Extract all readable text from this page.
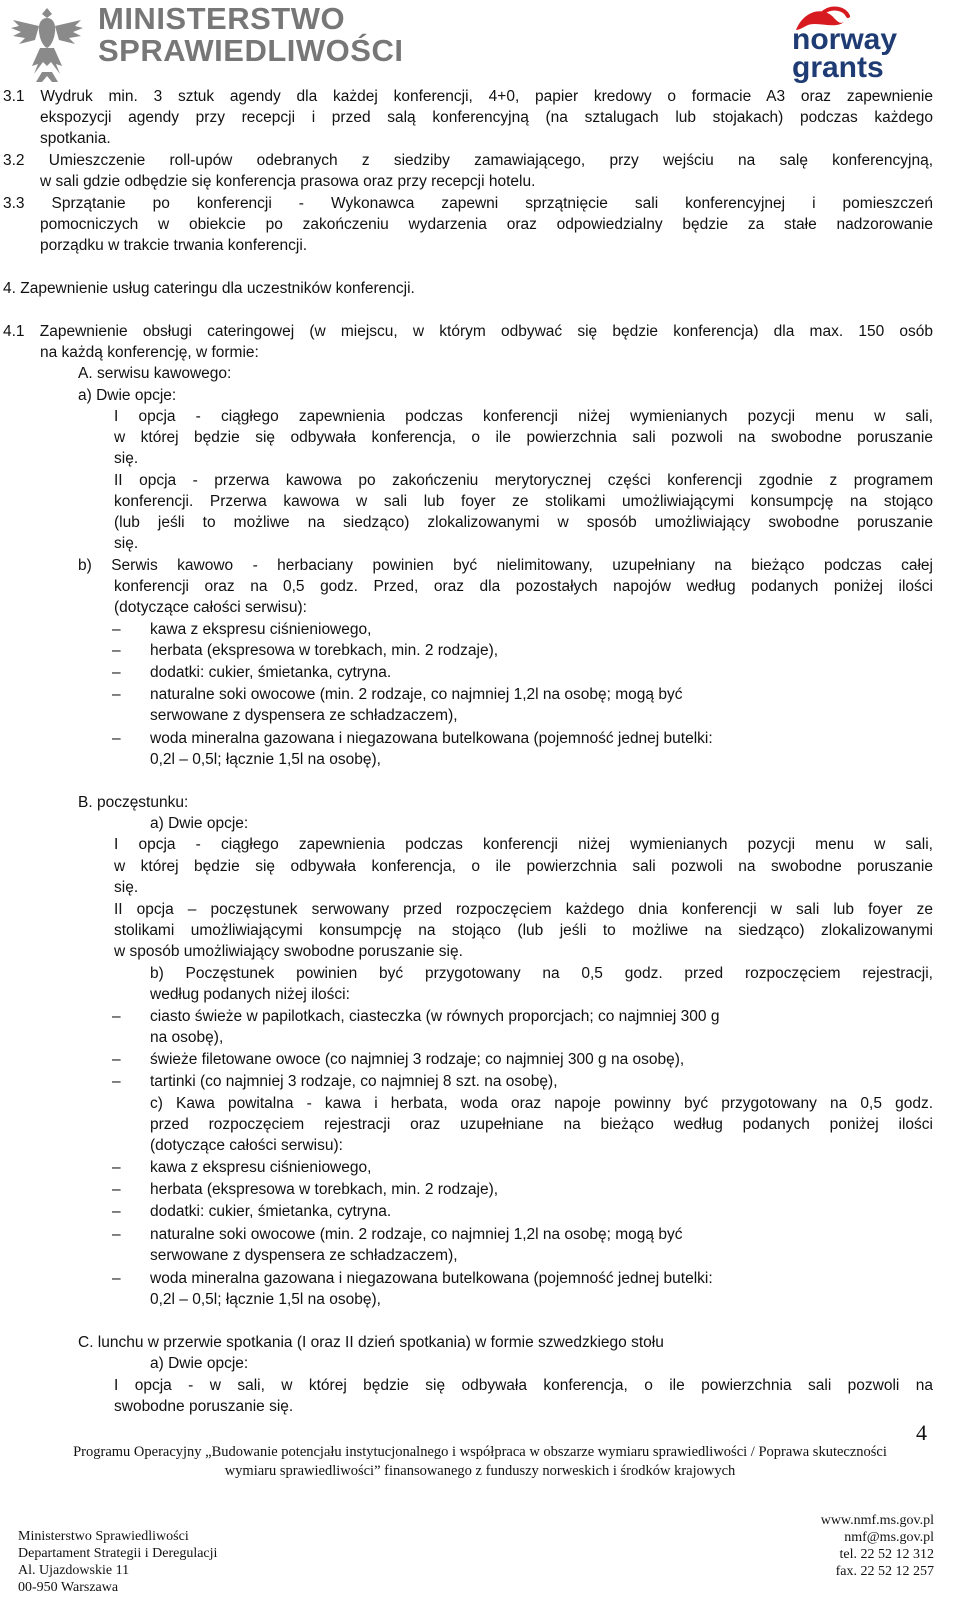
MINISTERSTWO
SPRAWIEDLIWOŚCI	norway
grants
3.1 Wydruk min. 3 sztuk agendy dla każdej konferencji, 4+0, papier kredowy o formacie A3 oraz zapewnienie
ekspozycji agendy przy recepcji i przed salą konferencyjną (na sztalugach lub stojakach) podczas każdego
spotkania.
3.2 Umieszczenie roll-upów odebranych z siedziby zamawiającego, przy wejściu na salę konferencyjną,
w sali gdzie odbędzie się konferencja prasowa oraz przy recepcji hotelu.
3.3 Sprzątanie po konferencji - Wykonawca zapewni sprzątnięcie sali konferencyjnej i pomieszczeń
pomocniczych w obiekcie po zakończeniu wydarzenia oraz odpowiedzialny będzie za stałe nadzorowanie
porządku w trakcie trwania konferencji.
4. Zapewnienie usług cateringu dla uczestników konferencji.
4.1 Zapewnienie obsługi cateringowej (w miejscu, w którym odbywać się będzie konferencja) dla max. 150 osób
na każdą konferencję, w formie:
A. serwisu kawowego:
a) Dwie opcje:
I opcja - ciągłego zapewnienia podczas konferencji niżej wymienianych pozycji menu w sali,
w której będzie się odbywała konferencja, o ile powierzchnia sali pozwoli na swobodne poruszanie
się.
II opcja - przerwa kawowa po zakończeniu merytorycznej części konferencji zgodnie z programem
konferencji. Przerwa kawowa w sali lub foyer ze stolikami umożliwiającymi konsumpcję na stojąco
(lub jeśli to możliwe na siedząco) zlokalizowanymi w sposób umożliwiający swobodne poruszanie
się.
b) Serwis kawowo - herbaciany powinien być nielimitowany, uzupełniany na bieżąco podczas całej
konferencji oraz na 0,5 godz. Przed, oraz dla pozostałych napojów według podanych poniżej ilości
(dotyczące całości serwisu):
– kawa z ekspresu ciśnieniowego,
– herbata (ekspresowa w torebkach, min. 2 rodzaje),
– dodatki: cukier, śmietanka, cytryna.
– naturalne soki owocowe (min. 2 rodzaje, co najmniej 1,2l na osobę; mogą być
serwowane z dyspensera ze schładzaczem),
– woda mineralna gazowana i niegazowana butelkowana (pojemność jednej butelki:
0,2l – 0,5l; łącznie 1,5l na osobę),
B. poczęstunku:
a) Dwie opcje:
I opcja - ciągłego zapewnienia podczas konferencji niżej wymienianych pozycji menu w sali,
w której będzie się odbywała konferencja, o ile powierzchnia sali pozwoli na swobodne poruszanie
się.
II opcja – poczęstunek serwowany przed rozpoczęciem każdego dnia konferencji w sali lub foyer ze
stolikami umożliwiającymi konsumpcję na stojąco (lub jeśli to możliwe na siedząco) zlokalizowanymi
w sposób umożliwiający swobodne poruszanie się.
b) Poczęstunek powinien być przygotowany na 0,5 godz. przed rozpoczęciem rejestracji,
według podanych niżej ilości:
– ciasto świeże w papilotkach, ciasteczka (w równych proporcjach; co najmniej 300 g
na osobę),
– świeże filetowane owoce (co najmniej 3 rodzaje; co najmniej 300 g na osobę),
– tartinki (co najmniej 3 rodzaje, co najmniej 8 szt. na osobę),
c) Kawa powitalna - kawa i herbata, woda oraz napoje powinny być przygotowany na 0,5 godz.
przed rozpoczęciem rejestracji oraz uzupełniane na bieżąco według podanych poniżej ilości
(dotyczące całości serwisu):
– kawa z ekspresu ciśnieniowego,
– herbata (ekspresowa w torebkach, min. 2 rodzaje),
– dodatki: cukier, śmietanka, cytryna.
– naturalne soki owocowe (min. 2 rodzaje, co najmniej 1,2l na osobę; mogą być
serwowane z dyspensera ze schładzaczem),
– woda mineralna gazowana i niegazowana butelkowana (pojemność jednej butelki:
0,2l – 0,5l; łącznie 1,5l na osobę),
C. lunchu w przerwie spotkania (I oraz II dzień spotkania) w formie szwedzkiego stołu
a) Dwie opcje:
I opcja - w sali, w której będzie się odbywała konferencja, o ile powierzchnia sali pozwoli na
swobodne poruszanie się.
4
Programu Operacyjny „Budowanie potencjału instytucjonalnego i współpraca w obszarze wymiaru sprawiedliwości / Poprawa skuteczności
wymiaru sprawiedliwości” finansowanego z funduszy norweskich i środków krajowych
Ministerstwo Sprawiedliwości
Departament Strategii i Deregulacji
Al. Ujazdowskie 11
00-950 Warszawa
www.nmf.ms.gov.pl
nmf@ms.gov.pl
tel. 22 52 12 312
fax. 22 52 12 257
